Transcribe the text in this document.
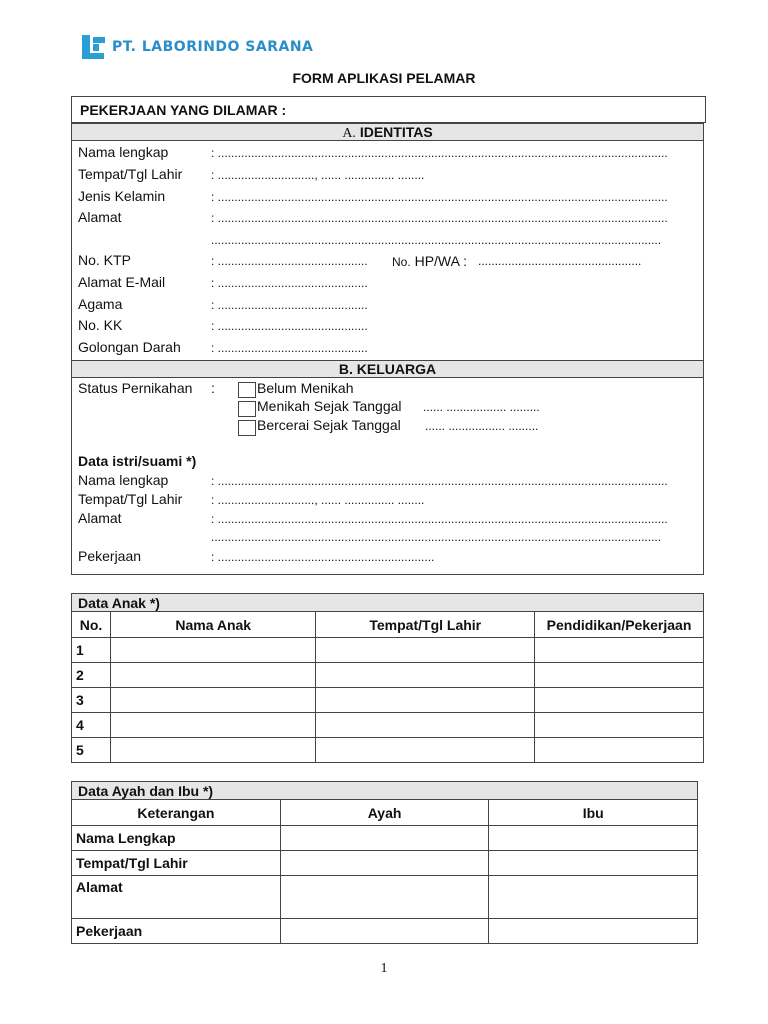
PT. LABORINDO SARANA
FORM APLIKASI PELAMAR
PEKERJAAN YANG DILAMAR :
A. IDENTITAS
Nama lengkap	: .......................................................................................................................................
Tempat/Tgl Lahir : ............................., ...... ............... ........
Jenis Kelamin	: .......................................................................................................................................
Alamat	: .......................................................................................................................................
.......................................................................................................................................
No. KTP	: .............................................	No. HP/WA : .................................................
Alamat E-Mail	: .............................................
Agama	: .............................................
No. KK	: .............................................
Golongan Darah	: .............................................
B. KELUARGA
Status Pernikahan :	Belum Menikah
Menikah Sejak Tanggal ...... .................. .........
Bercerai Sejak Tanggal ...... ................. .........
Data istri/suami *)
Nama lengkap	: .......................................................................................................................................
Tempat/Tgl Lahir : ............................., ...... ............... ........
Alamat	: .......................................................................................................................................
.......................................................................................................................................
Pekerjaan	: .................................................................
Data Anak *)			
No.	Nama Anak	Tempat/Tgl Lahir	Pendidikan/Pekerjaan
1			
2			
3			
4			
5			
Data Ayah dan Ibu *)		
Keterangan	Ayah	Ibu
Nama Lengkap		
Tempat/Tgl Lahir		
Alamat		
Pekerjaan		
1
